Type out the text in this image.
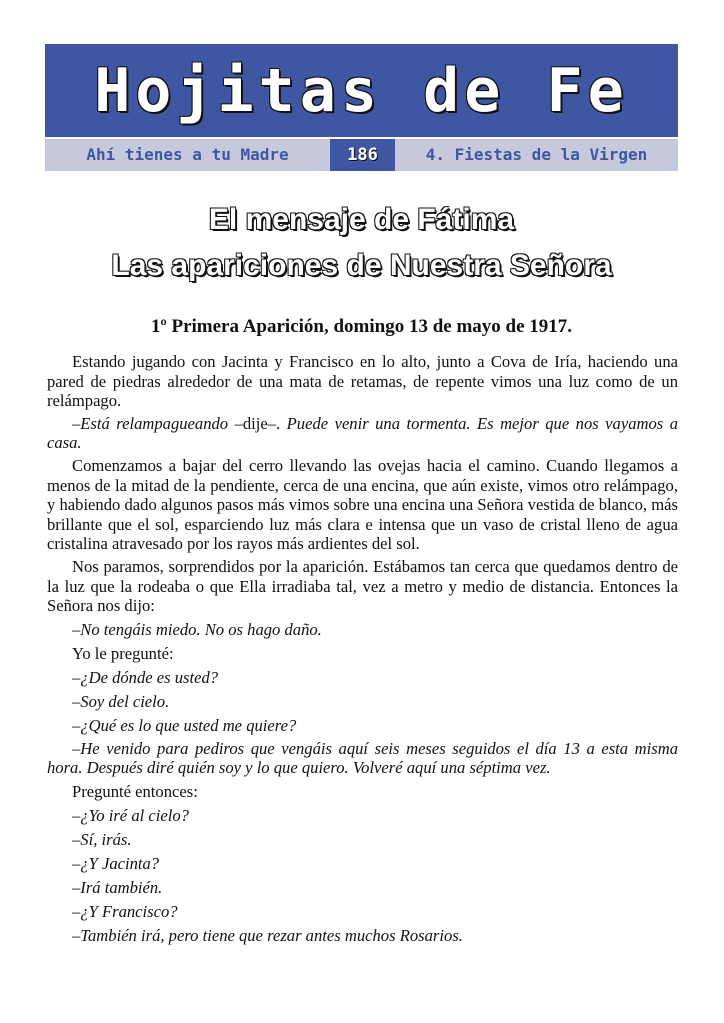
Hojitas de Fe
Ahí tienes a tu Madre	186	4. Fiestas de la Virgen
El mensaje de Fátima
Las apariciones de Nuestra Señora
1º Primera Aparición, domingo 13 de mayo de 1917.

Estando jugando con Jacinta y Francisco en lo alto, junto a Cova de Iría, haciendo una pared de piedras alrededor de una mata de retamas, de repente vimos una luz como de un relámpago.

–Está relampagueando –dije–. Puede venir una tormenta. Es mejor que nos vayamos a casa.

Comenzamos a bajar del cerro llevando las ovejas hacia el camino. Cuando llegamos a menos de la mitad de la pendiente, cerca de una encina, que aún existe, vimos otro relámpago, y habiendo dado algunos pasos más vimos sobre una encina una Señora vestida de blanco, más brillante que el sol, esparciendo luz más clara e intensa que un vaso de cristal lleno de agua cristalina atravesado por los rayos más ardientes del sol.

Nos paramos, sorprendidos por la aparición. Estábamos tan cerca que quedamos dentro de la luz que la rodeaba o que Ella irradiaba tal, vez a metro y medio de distancia. Entonces la Señora nos dijo:

–No tengáis miedo. No os hago daño.

Yo le pregunté:

–¿De dónde es usted?

–Soy del cielo.

–¿Qué es lo que usted me quiere?

–He venido para pediros que vengáis aquí seis meses seguidos el día 13 a esta misma hora. Después diré quién soy y lo que quiero. Volveré aquí una séptima vez.

Pregunté entonces:

–¿Yo iré al cielo?

–Sí, irás.

–¿Y Jacinta?

–Irá también.

–¿Y Francisco?

–También irá, pero tiene que rezar antes muchos Rosarios.
